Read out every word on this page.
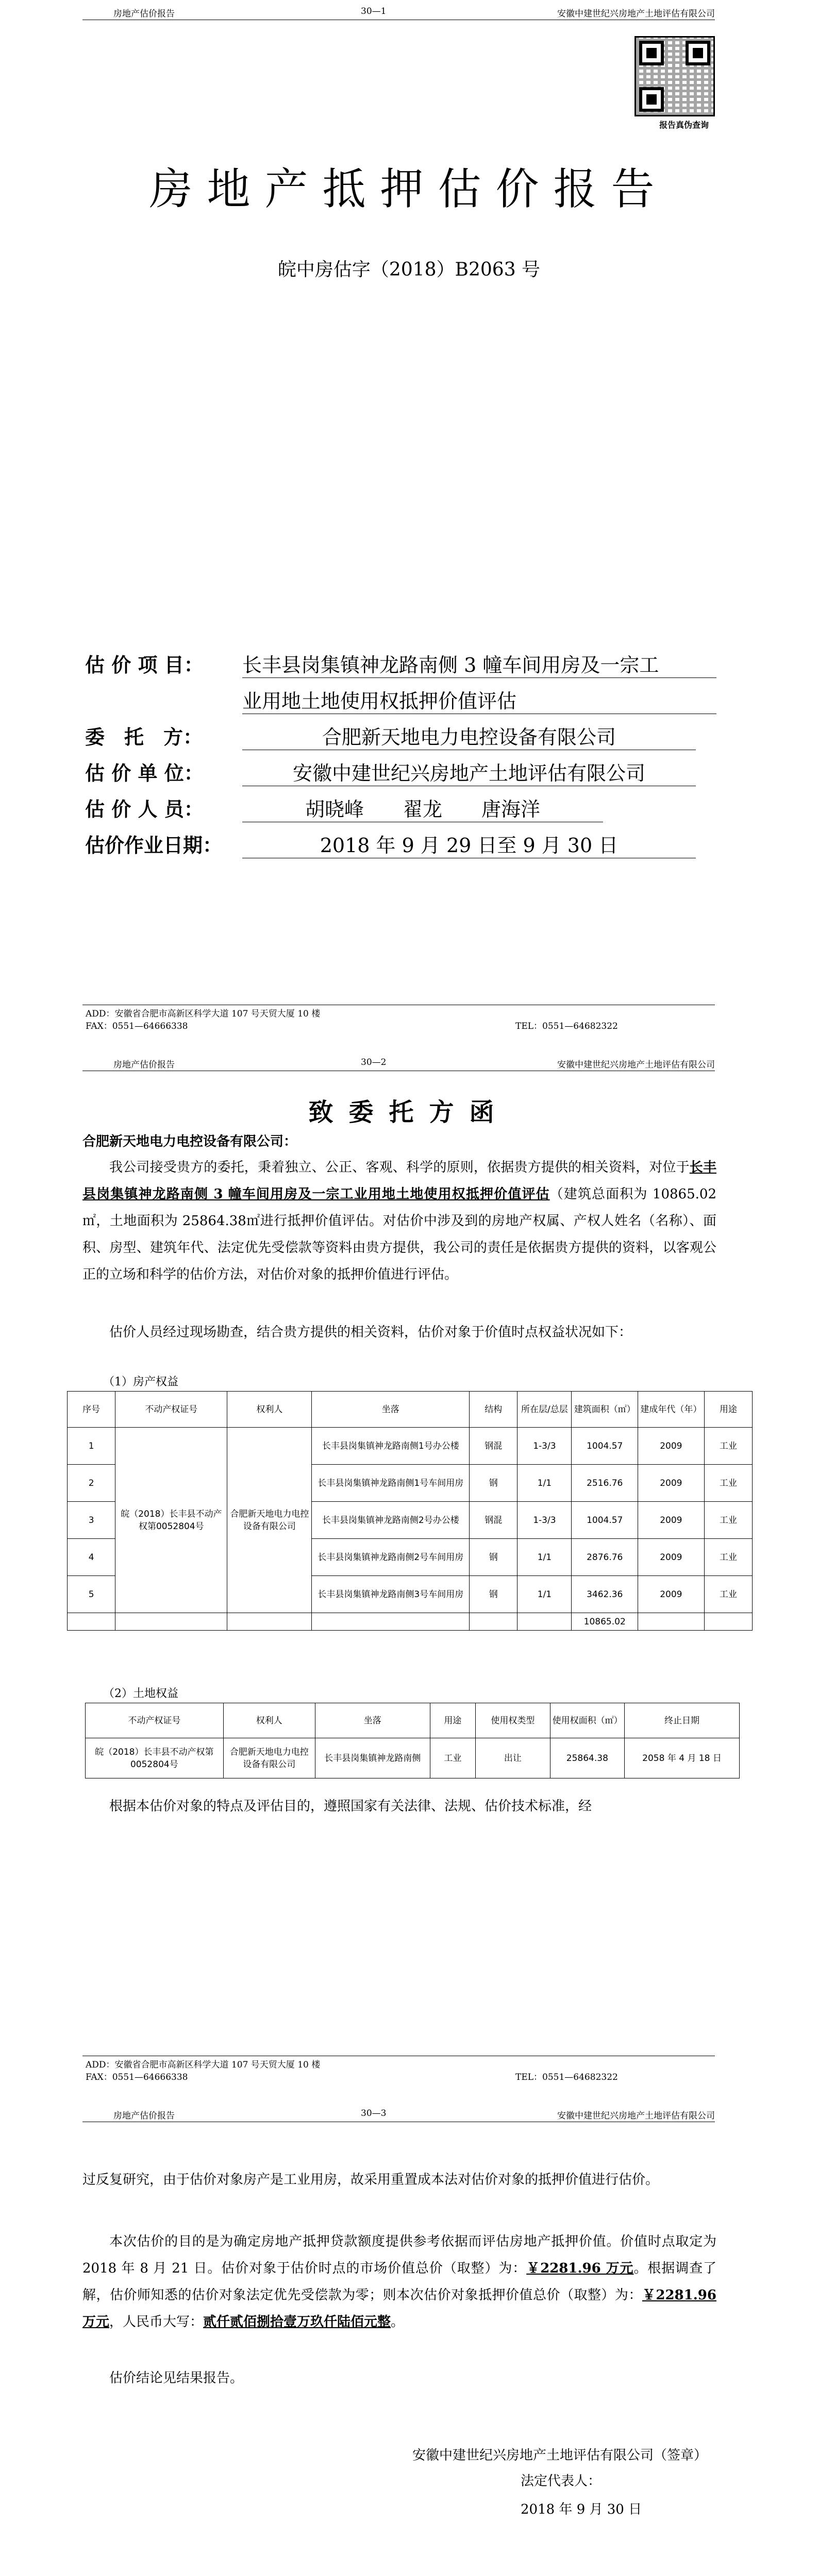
房地产估价报告	30—1	安徽中建世纪兴房地产土地评估有限公司
报告真伪查询
房地产抵押估价报告
皖中房估字（2018）B2063 号
估 价 项 目： 长丰县岗集镇神龙路南侧 3 幢车间用房及一宗工
业用地土地使用权抵押价值评估
委　托　方：	合肥新天地电力电控设备有限公司
估 价 单 位：	安徽中建世纪兴房地产土地评估有限公司
估 价 人 员：	胡晓峰　　翟龙　　唐海洋
估价作业日期：	2018 年 9 月 29 日至 9 月 30 日
ADD：安徽省合肥市高新区科学大道 107 号天贸大厦 10 楼
FAX：0551—64666338	TEL：0551—64682322
房地产估价报告	30—2	安徽中建世纪兴房地产土地评估有限公司
致委托方函
合肥新天地电力电控设备有限公司：
我公司接受贵方的委托，秉着独立、公正、客观、科学的原则，依据贵方提供的相关资料，对位于长丰县岗集镇神龙路南侧 3 幢车间用房及一宗工业用地土地使用权抵押价值评估（建筑总面积为 10865.02㎡，土地面积为 25864.38㎡进行抵押价值评估。对估价中涉及到的房地产权属、产权人姓名（名称）、面积、房型、建筑年代、法定优先受偿款等资料由贵方提供，我公司的责任是依据贵方提供的资料，以客观公正的立场和科学的估价方法，对估价对象的抵押价值进行评估。
估价人员经过现场勘查，结合贵方提供的相关资料，估价对象于价值时点权益状况如下：
（1）房产权益
序号	不动产权证号	权利人	坐落	结构	所在层/总层	建筑面积（㎡）	建成年代（年）	用途
1	皖（2018）长丰县不动产权第0052804号	合肥新天地电力电控设备有限公司	长丰县岗集镇神龙路南侧1号办公楼	钢混	1-3/3	1004.57	2009	工业
2			长丰县岗集镇神龙路南侧1号车间用房	钢	1/1	2516.76	2009	工业
3			长丰县岗集镇神龙路南侧2号办公楼	钢混	1-3/3	1004.57	2009	工业
4			长丰县岗集镇神龙路南侧2号车间用房	钢	1/1	2876.76	2009	工业
5			长丰县岗集镇神龙路南侧3号车间用房	钢	1/1	3462.36	2009	工业
						10865.02		
（2）土地权益
不动产权证号	权利人	坐落	用途	使用权类型	使用权面积（㎡）	终止日期
皖（2018）长丰县不动产权第0052804号	合肥新天地电力电控设备有限公司	长丰县岗集镇神龙路南侧	工业	出让	25864.38	2058 年 4 月 18 日
根据本估价对象的特点及评估目的，遵照国家有关法律、法规、估价技术标准，经
ADD：安徽省合肥市高新区科学大道 107 号天贸大厦 10 楼
FAX：0551—64666338	TEL：0551—64682322
房地产估价报告	30—3	安徽中建世纪兴房地产土地评估有限公司
过反复研究，由于估价对象房产是工业用房，故采用重置成本法对估价对象的抵押价值进行估价。
本次估价的目的是为确定房地产抵押贷款额度提供参考依据而评估房地产抵押价值。价值时点取定为 2018 年 8 月 21 日。估价对象于估价时点的市场价值总价（取整）为：￥2281.96 万元。根据调查了解，估价师知悉的估价对象法定优先受偿款为零；则本次估价对象抵押价值总价（取整）为：￥2281.96 万元，人民币大写：贰仟贰佰捌拾壹万玖仟陆佰元整。
估价结论见结果报告。
安徽中建世纪兴房地产土地评估有限公司（签章）
法定代表人：
2018 年 9 月 30 日
